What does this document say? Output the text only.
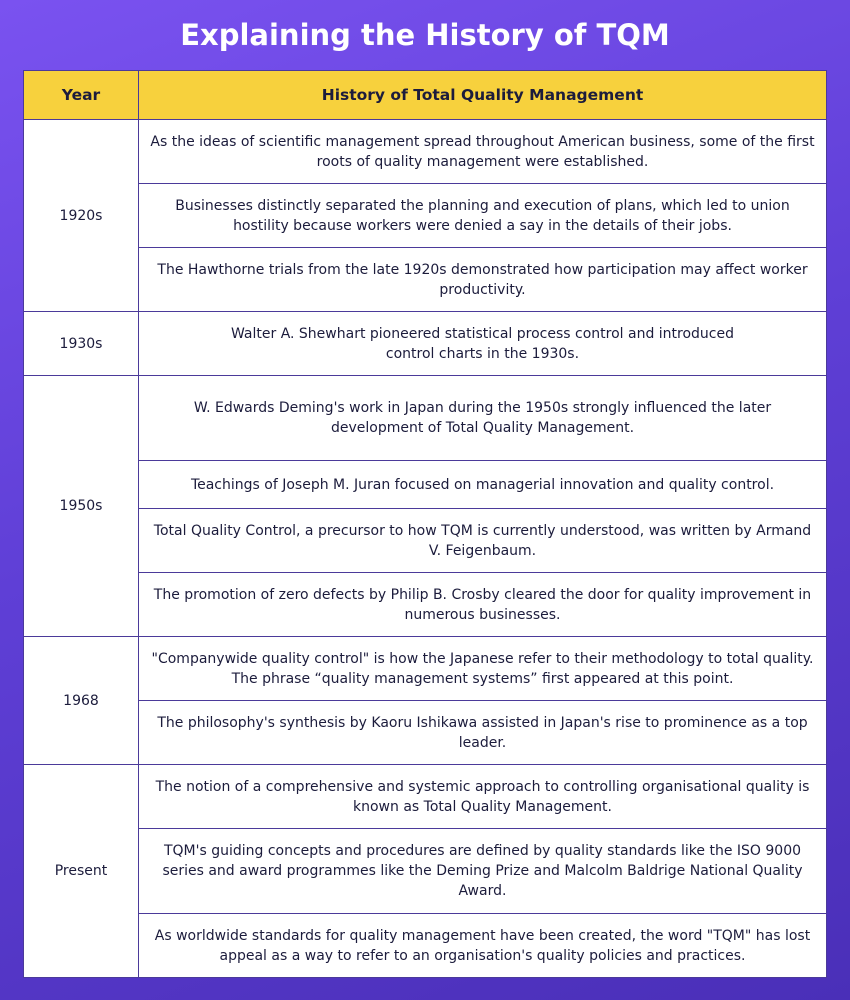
Explaining the History of TQM
Year	History of Total Quality Management
1920s	As the ideas of scientific management spread throughout American business, some of the first roots of quality management were established.
	Businesses distinctly separated the planning and execution of plans, which led to union hostility because workers were denied a say in the details of their jobs.
	The Hawthorne trials from the late 1920s demonstrated how participation may affect worker productivity.
1930s	Walter A. Shewhart pioneered statistical process control and introduced control charts in the 1930s.
1950s	W. Edwards Deming's work in Japan during the 1950s strongly influenced the later development of Total Quality Management.
	Teachings of Joseph M. Juran focused on managerial innovation and quality control.
	Total Quality Control, a precursor to how TQM is currently understood, was written by Armand V. Feigenbaum.
	The promotion of zero defects by Philip B. Crosby cleared the door for quality improvement in numerous businesses.
1968	"Companywide quality control" is how the Japanese refer to their methodology to total quality. The phrase “quality management systems” first appeared at this point.
	The philosophy's synthesis by Kaoru Ishikawa assisted in Japan's rise to prominence as a top leader.
Present	The notion of a comprehensive and systemic approach to controlling organisational quality is known as Total Quality Management.
	TQM's guiding concepts and procedures are defined by quality standards like the ISO 9000 series and award programmes like the Deming Prize and Malcolm Baldrige National Quality Award.
	As worldwide standards for quality management have been created, the word "TQM" has lost appeal as a way to refer to an organisation's quality policies and practices.
